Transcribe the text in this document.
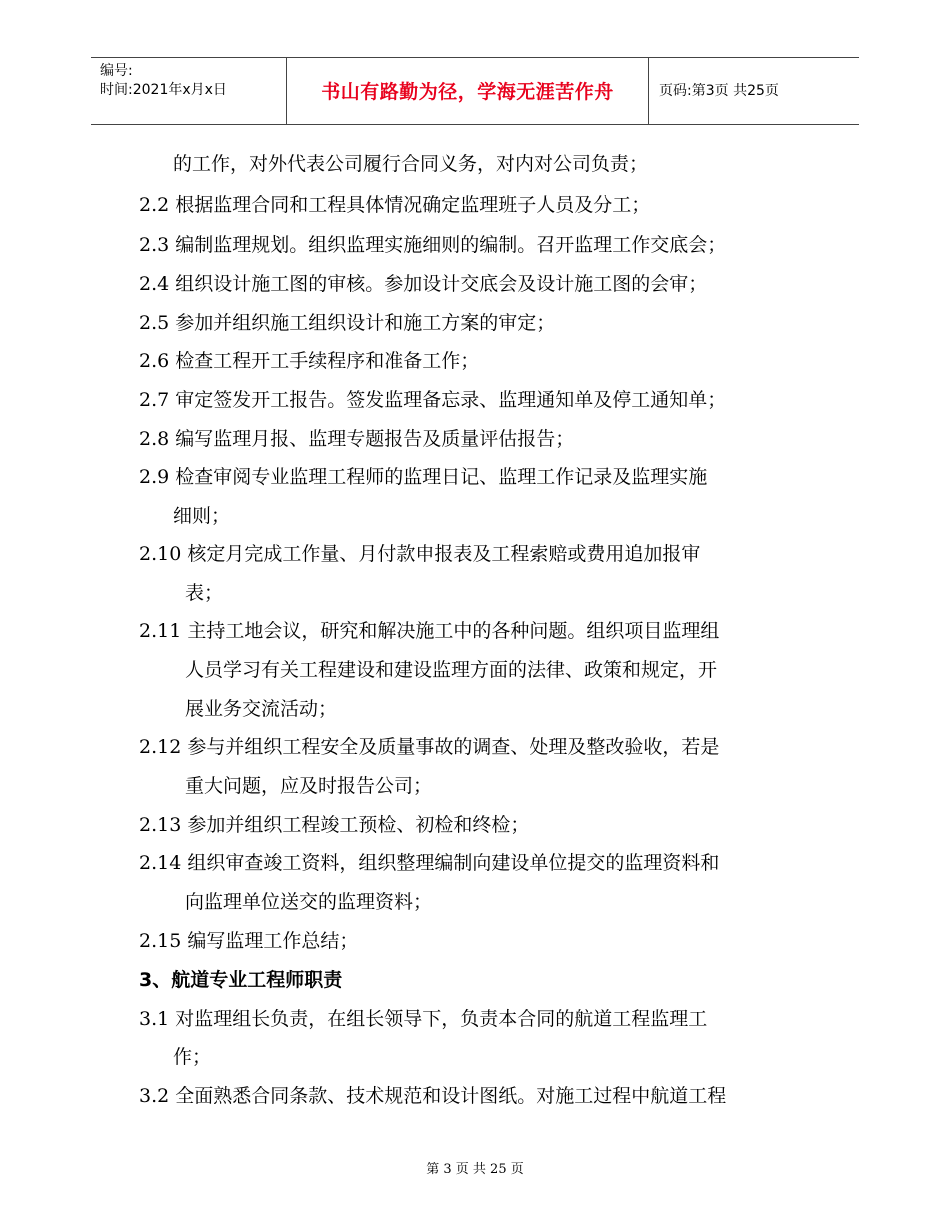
编号:
时间:2021年x月x日	书山有路勤为径，学海无涯苦作舟	页码:第3页 共25页
的工作，对外代表公司履行合同义务，对内对公司负责；
2.2 根据监理合同和工程具体情况确定监理班子人员及分工；
2.3 编制监理规划。组织监理实施细则的编制。召开监理工作交底会；
2.4 组织设计施工图的审核。参加设计交底会及设计施工图的会审；
2.5 参加并组织施工组织设计和施工方案的审定；
2.6 检查工程开工手续程序和准备工作；
2.7 审定签发开工报告。签发监理备忘录、监理通知单及停工通知单；
2.8 编写监理月报、监理专题报告及质量评估报告；
2.9 检查审阅专业监理工程师的监理日记、监理工作记录及监理实施
细则；
2.10 核定月完成工作量、月付款申报表及工程索赔或费用追加报审
表；
2.11 主持工地会议，研究和解决施工中的各种问题。组织项目监理组
人员学习有关工程建设和建设监理方面的法律、政策和规定，开
展业务交流活动；
2.12 参与并组织工程安全及质量事故的调查、处理及整改验收，若是
重大问题，应及时报告公司；
2.13 参加并组织工程竣工预检、初检和终检；
2.14 组织审查竣工资料，组织整理编制向建设单位提交的监理资料和
向监理单位送交的监理资料；
2.15 编写监理工作总结；
3、航道专业工程师职责
3.1 对监理组长负责，在组长领导下，负责本合同的航道工程监理工
作；
3.2 全面熟悉合同条款、技术规范和设计图纸。对施工过程中航道工程
第 3 页 共 25 页
